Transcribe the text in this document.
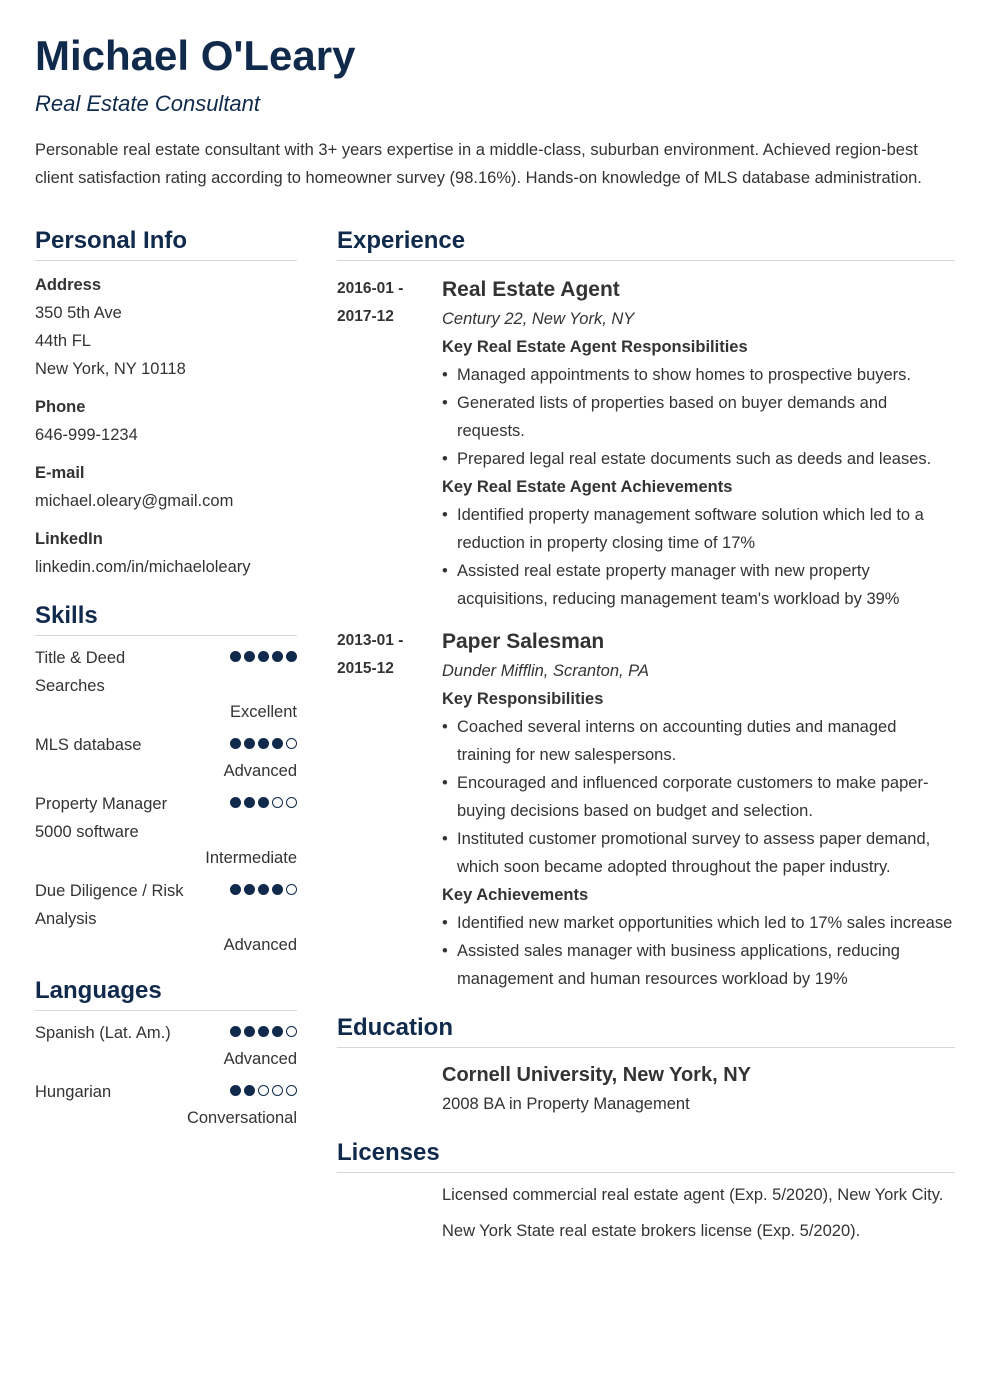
Michael O'Leary
Real Estate Consultant
Personable real estate consultant with 3+ years expertise in a middle-class, suburban environment. Achieved region-best client satisfaction rating according to homeowner survey (98.16%). Hands-on knowledge of MLS database administration.
Personal Info
Address
350 5th Ave
44th FL
New York, NY 10118
Phone
646-999-1234
E-mail
michael.oleary@gmail.com
LinkedIn
linkedin.com/in/michaeloleary
Skills
Title & Deed Searches
Excellent
MLS database
Advanced
Property Manager 5000 software
Intermediate
Due Diligence / Risk Analysis
Advanced
Languages
Spanish (Lat. Am.)
Advanced
Hungarian
Conversational
Experience
2016-01 -
2017-12
Real Estate Agent
Century 22, New York, NY
Key Real Estate Agent Responsibilities
• Managed appointments to show homes to prospective buyers.
• Generated lists of properties based on buyer demands and requests.
• Prepared legal real estate documents such as deeds and leases.
Key Real Estate Agent Achievements
• Identified property management software solution which led to a reduction in property closing time of 17%
• Assisted real estate property manager with new property acquisitions, reducing management team's workload by 39%
2013-01 -
2015-12
Paper Salesman
Dunder Mifflin, Scranton, PA
Key Responsibilities
• Coached several interns on accounting duties and managed training for new salespersons.
• Encouraged and influenced corporate customers to make paper-buying decisions based on budget and selection.
• Instituted customer promotional survey to assess paper demand, which soon became adopted throughout the paper industry.
Key Achievements
• Identified new market opportunities which led to 17% sales increase
• Assisted sales manager with business applications, reducing management and human resources workload by 19%
Education
Cornell University, New York, NY
2008 BA in Property Management
Licenses
Licensed commercial real estate agent (Exp. 5/2020), New York City.
New York State real estate brokers license (Exp. 5/2020).
